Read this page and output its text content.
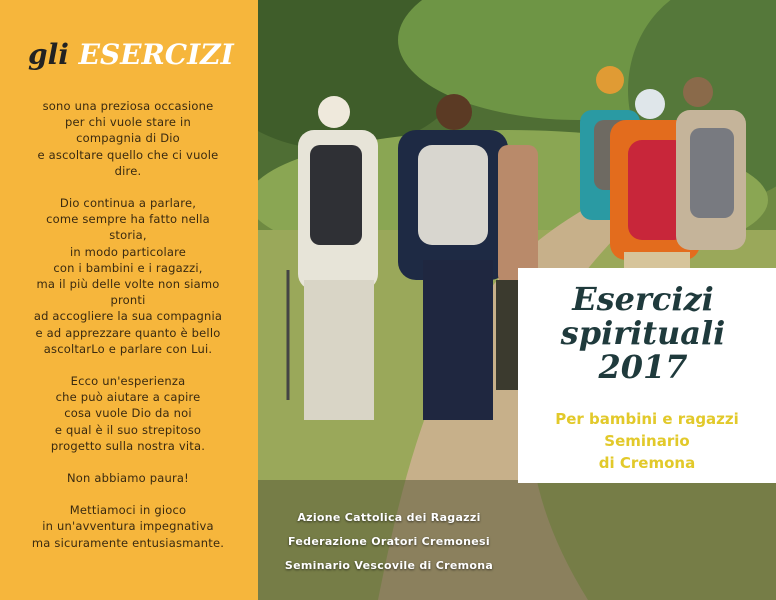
gli ESERCIZI
sono una preziosa occasione
per chi vuole stare in
compagnia di Dio
e ascoltare quello che ci vuole
dire.
Dio continua a parlare,
come sempre ha fatto nella
storia,
in modo particolare
con i bambini e i ragazzi,
ma il più delle volte non siamo
pronti
ad accogliere la sua compagnia
e ad apprezzare quanto è bello
ascoltarLo e parlare con Lui.
Ecco un'esperienza
che può aiutare a capire
cosa vuole Dio da noi
e qual è il suo strepitoso
progetto sulla nostra vita.
Non abbiamo paura!
Mettiamoci in gioco
in un'avventura impegnativa
ma sicuramente entusiasmante.
Esercizi
spirituali
2017
Per bambini e ragazzi
Seminario
di Cremona
Azione Cattolica dei Ragazzi
Federazione Oratori Cremonesi
Seminario Vescovile di Cremona
